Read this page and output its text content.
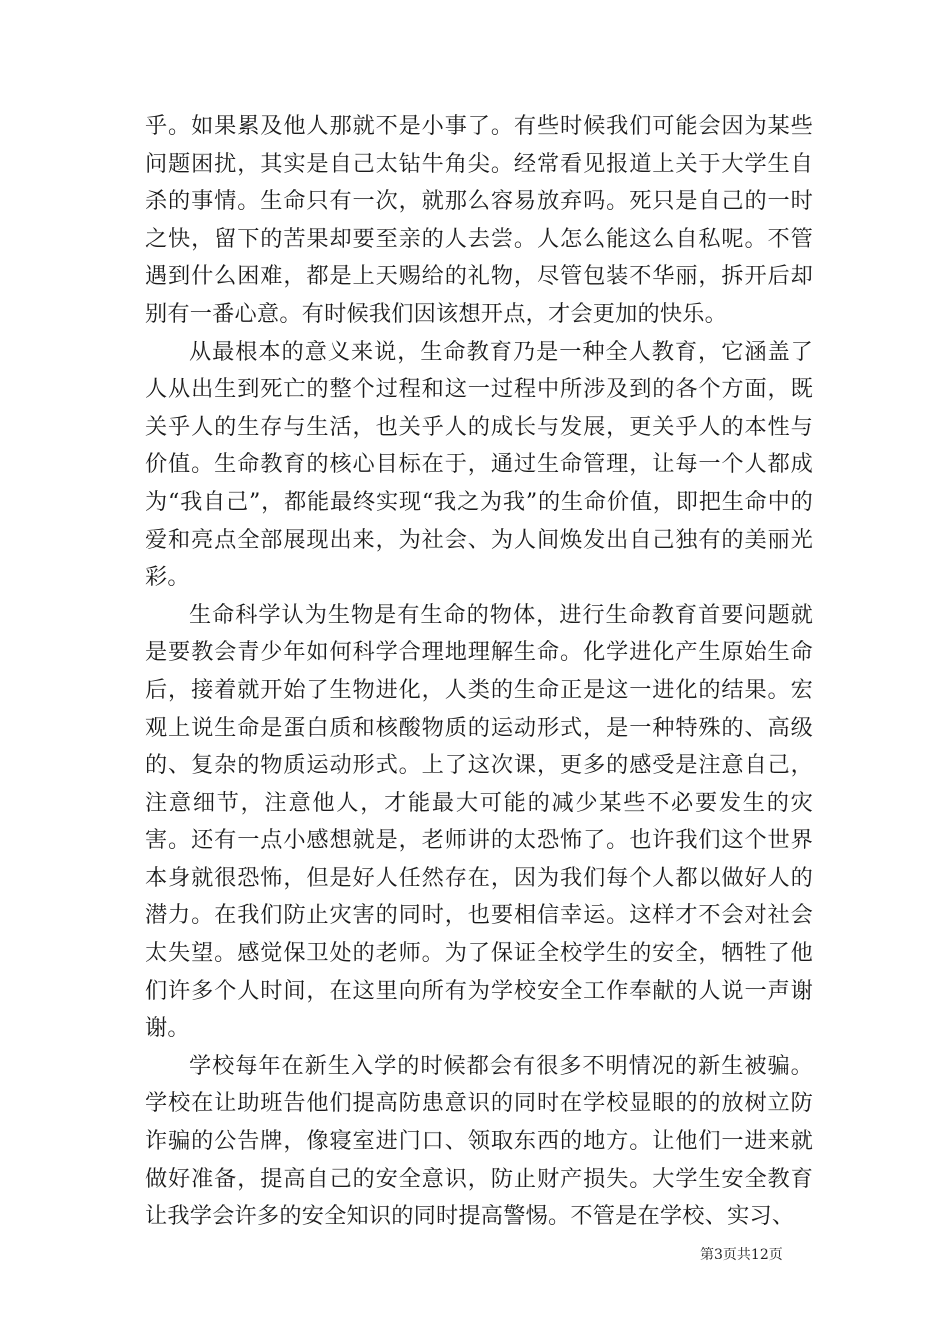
乎。如果累及他人那就不是小事了。有些时候我们可能会因为某些问题困扰，其实是自己太钻牛角尖。经常看见报道上关于大学生自杀的事情。生命只有一次，就那么容易放弃吗。死只是自己的一时之快，留下的苦果却要至亲的人去尝。人怎么能这么自私呢。不管遇到什么困难，都是上天赐给的礼物，尽管包装不华丽，拆开后却别有一番心意。有时候我们因该想开点，才会更加的快乐。

从最根本的意义来说，生命教育乃是一种全人教育，它涵盖了人从出生到死亡的整个过程和这一过程中所涉及到的各个方面，既关乎人的生存与生活，也关乎人的成长与发展，更关乎人的本性与价值。生命教育的核心目标在于，通过生命管理，让每一个人都成为“我自己”，都能最终实现“我之为我”的生命价值，即把生命中的爱和亮点全部展现出来，为社会、为人间焕发出自己独有的美丽光彩。

生命科学认为生物是有生命的物体，进行生命教育首要问题就是要教会青少年如何科学合理地理解生命。化学进化产生原始生命后，接着就开始了生物进化，人类的生命正是这一进化的结果。宏观上说生命是蛋白质和核酸物质的运动形式，是一种特殊的、高级的、复杂的物质运动形式。上了这次课，更多的感受是注意自己，注意细节，注意他人，才能最大可能的减少某些不必要发生的灾害。还有一点小感想就是，老师讲的太恐怖了。也许我们这个世界本身就很恐怖，但是好人任然存在，因为我们每个人都以做好人的潜力。在我们防止灾害的同时，也要相信幸运。这样才不会对社会太失望。感觉保卫处的老师。为了保证全校学生的安全，牺牲了他们许多个人时间，在这里向所有为学校安全工作奉献的人说一声谢谢。

学校每年在新生入学的时候都会有很多不明情况的新生被骗。学校在让助班告他们提高防患意识的同时在学校显眼的的放树立防诈骗的公告牌，像寝室进门口、领取东西的地方。让他们一进来就做好准备，提高自己的安全意识，防止财产损失。大学生安全教育让我学会许多的安全知识的同时提高警惕。不管是在学校、实习、

第3页共12页
